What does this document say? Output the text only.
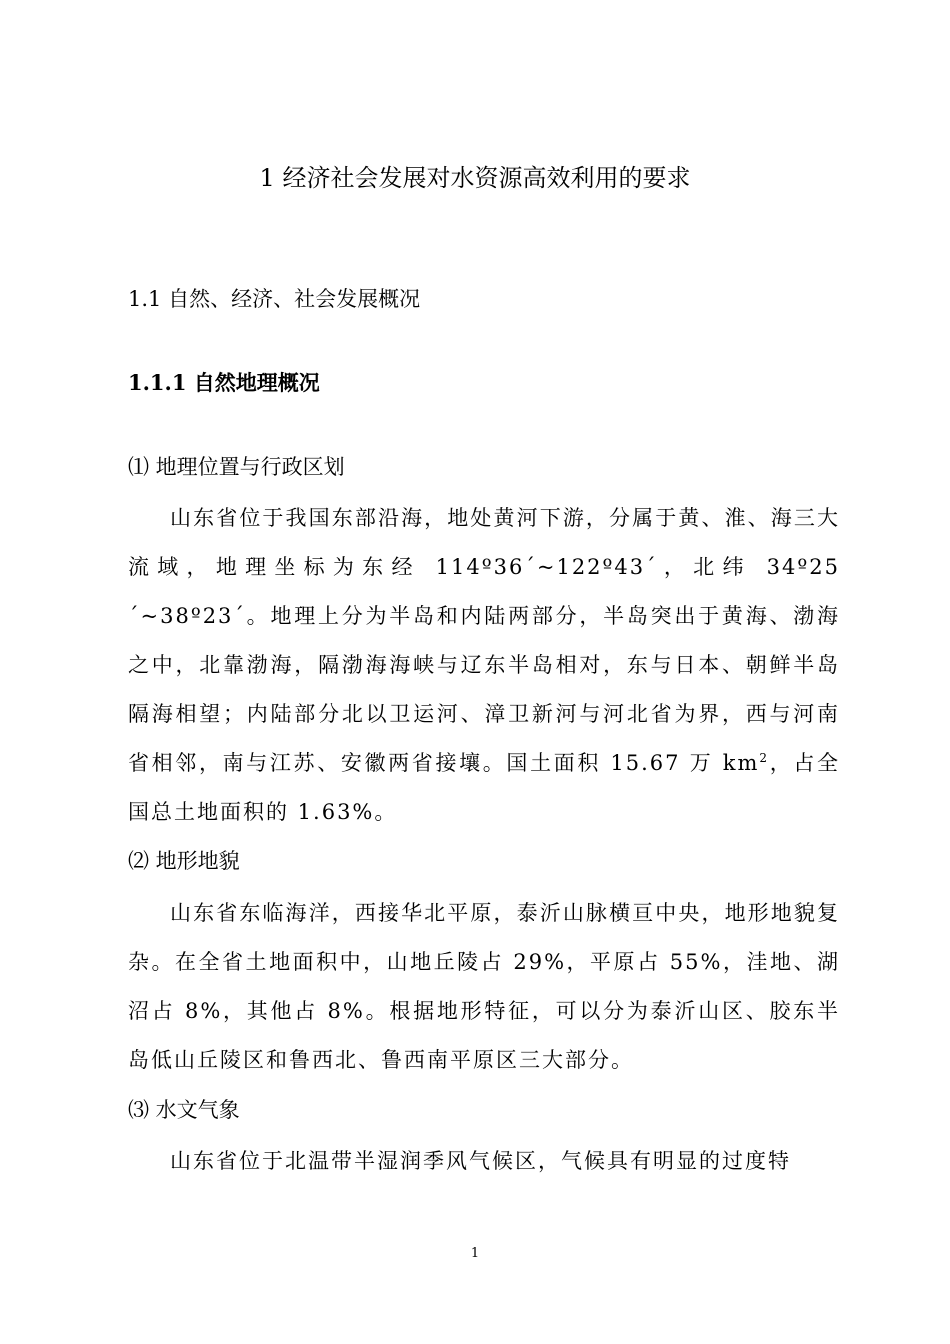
1 经济社会发展对水资源高效利用的要求
1.1 自然、经济、社会发展概况
1.1.1 自然地理概况
⑴ 地理位置与行政区划

山东省位于我国东部沿海，地处黄河下游，分属于黄、淮、海三大流域，地理坐标为东经 114º36´~122º43´，北纬 34º25´~38º23´。地理上分为半岛和内陆两部分，半岛突出于黄海、渤海之中，北靠渤海，隔渤海海峡与辽东半岛相对，东与日本、朝鲜半岛隔海相望；内陆部分北以卫运河、漳卫新河与河北省为界，西与河南省相邻，南与江苏、安徽两省接壤。国土面积 15.67 万 $km^2$，占全国总土地面积的 1.63%。

⑵ 地形地貌

山东省东临海洋，西接华北平原，泰沂山脉横亘中央，地形地貌复杂。在全省土地面积中，山地丘陵占 29%，平原占 55%，洼地、湖沼占 8%，其他占 8%。根据地形特征，可以分为泰沂山区、胶东半岛低山丘陵区和鲁西北、鲁西南平原区三大部分。

⑶ 水文气象

山东省位于北温带半湿润季风气候区，气候具有明显的过度特

1
